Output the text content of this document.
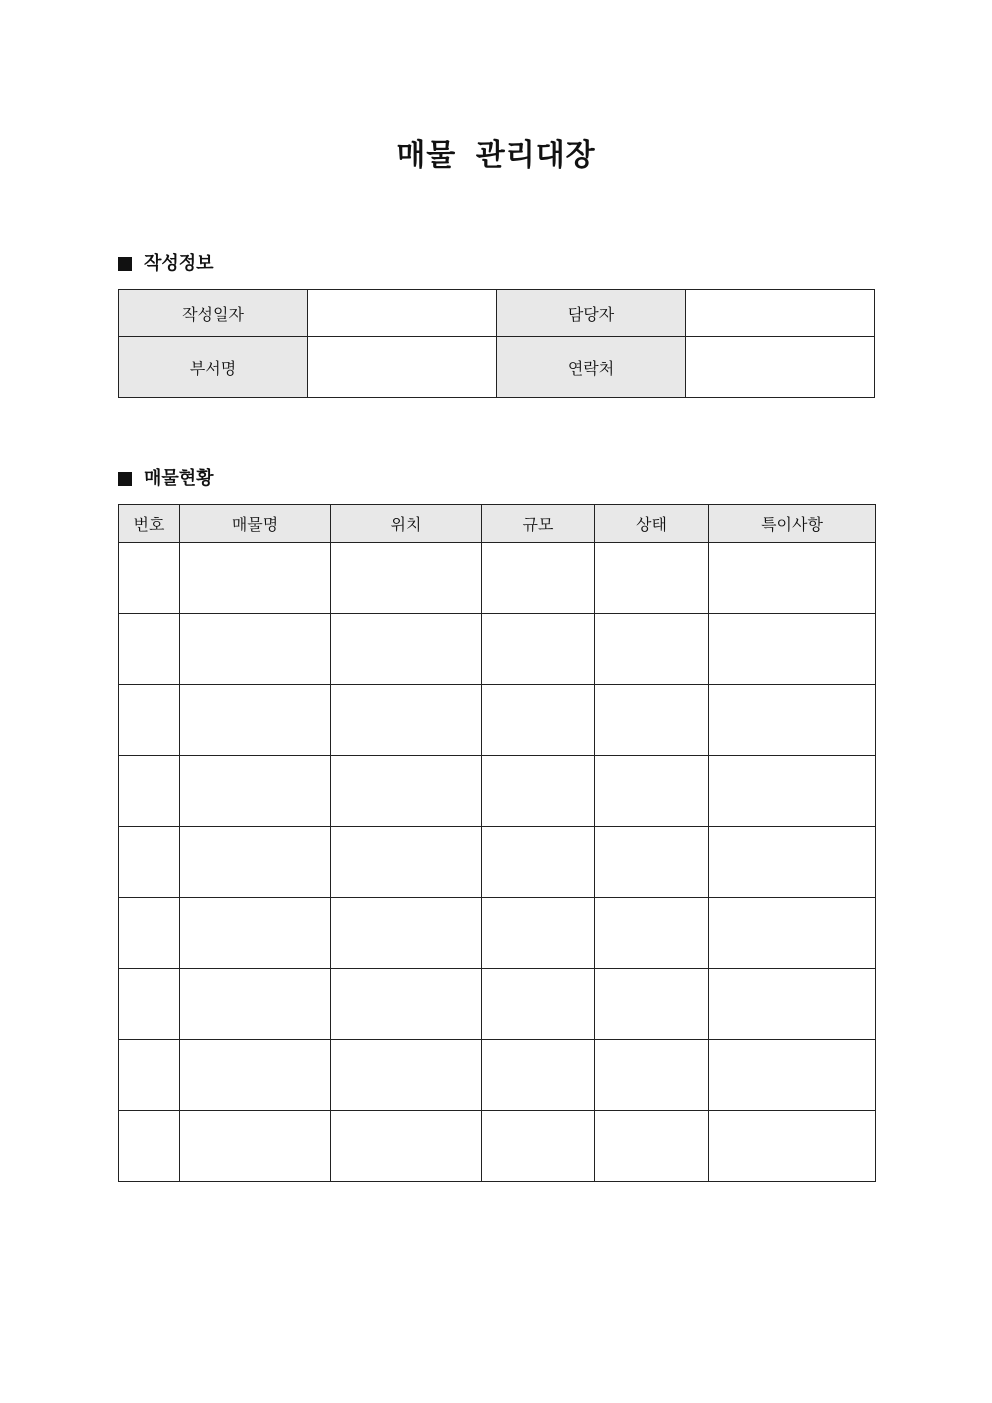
매물 관리대장
작성정보
작성일자		담당자	
부서명		연락처	
매물현황
번호	매물명	위치	규모	상태	특이사항
